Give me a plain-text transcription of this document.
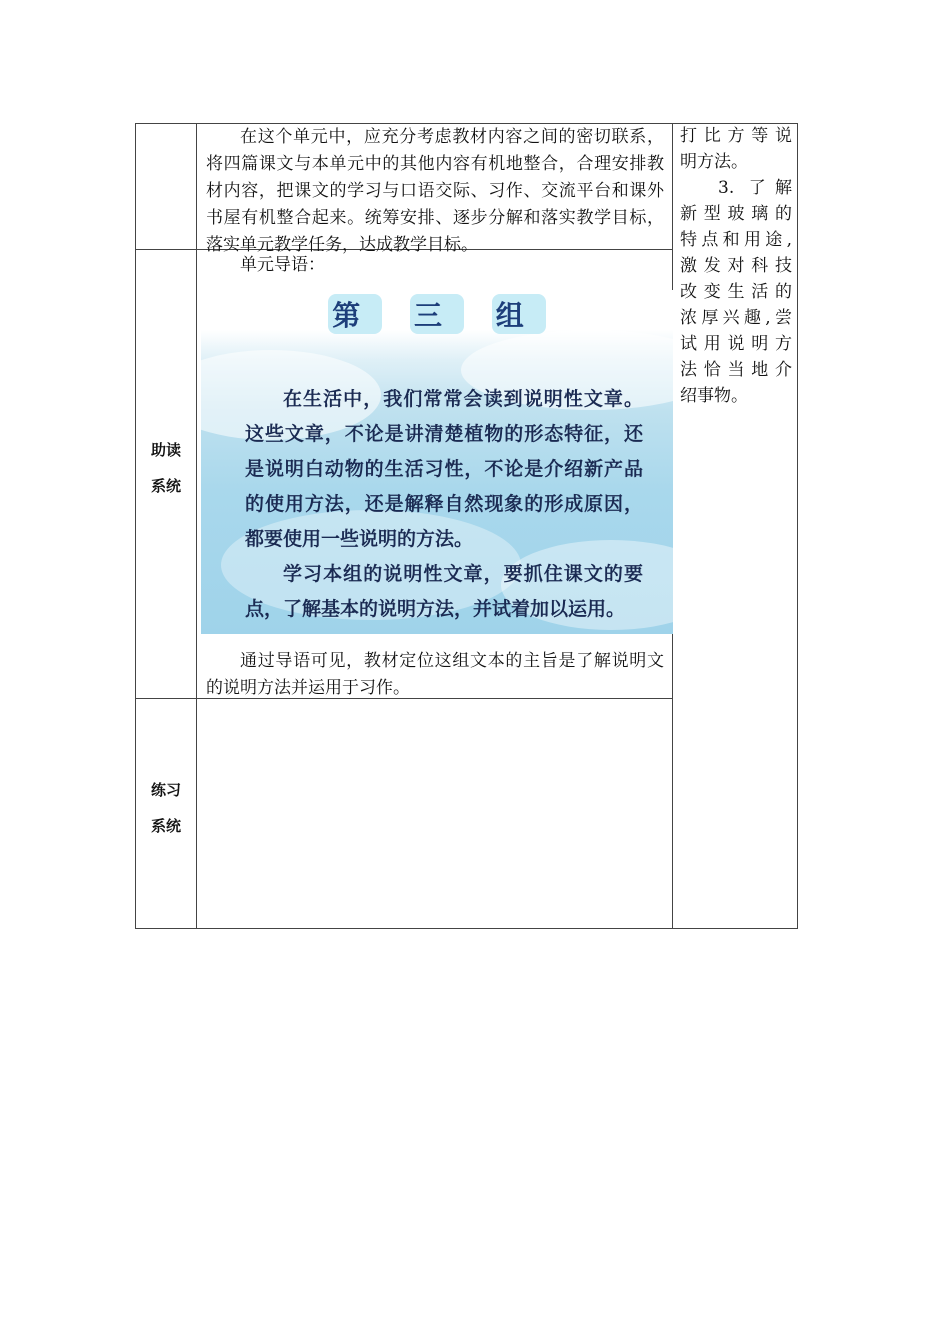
在这个单元中，应充分考虑教材内容之间的密切联系，将四篇课文与本单元中的其他内容有机地整合，合理安排教材内容，把课文的学习与口语交际、习作、交流平台和课外书屋有机整合起来。统筹安排、逐步分解和落实教学目标，落实单元教学任务，达成教学目标。

助读
系统
练习
系统

单元导语：

第 三 组

在生活中，我们常常会读到说明性文章。这些文章，不论是讲清楚植物的形态特征，还是说明白动物的生活习性，不论是介绍新产品的使用方法，还是解释自然现象的形成原因，都要使用一些说明的方法。

学习本组的说明性文章，要抓住课文的要点，了解基本的说明方法，并试着加以运用。

通过导语可见，教材定位这组文本的主旨是了解说明文的说明方法并运用于习作。

打比方等说

明方法。

3. 了解

新型玻璃的

特点和用途,

激发对科技

改变生活的

浓厚兴趣,尝

试用说明方

法恰当地介

绍事物。
